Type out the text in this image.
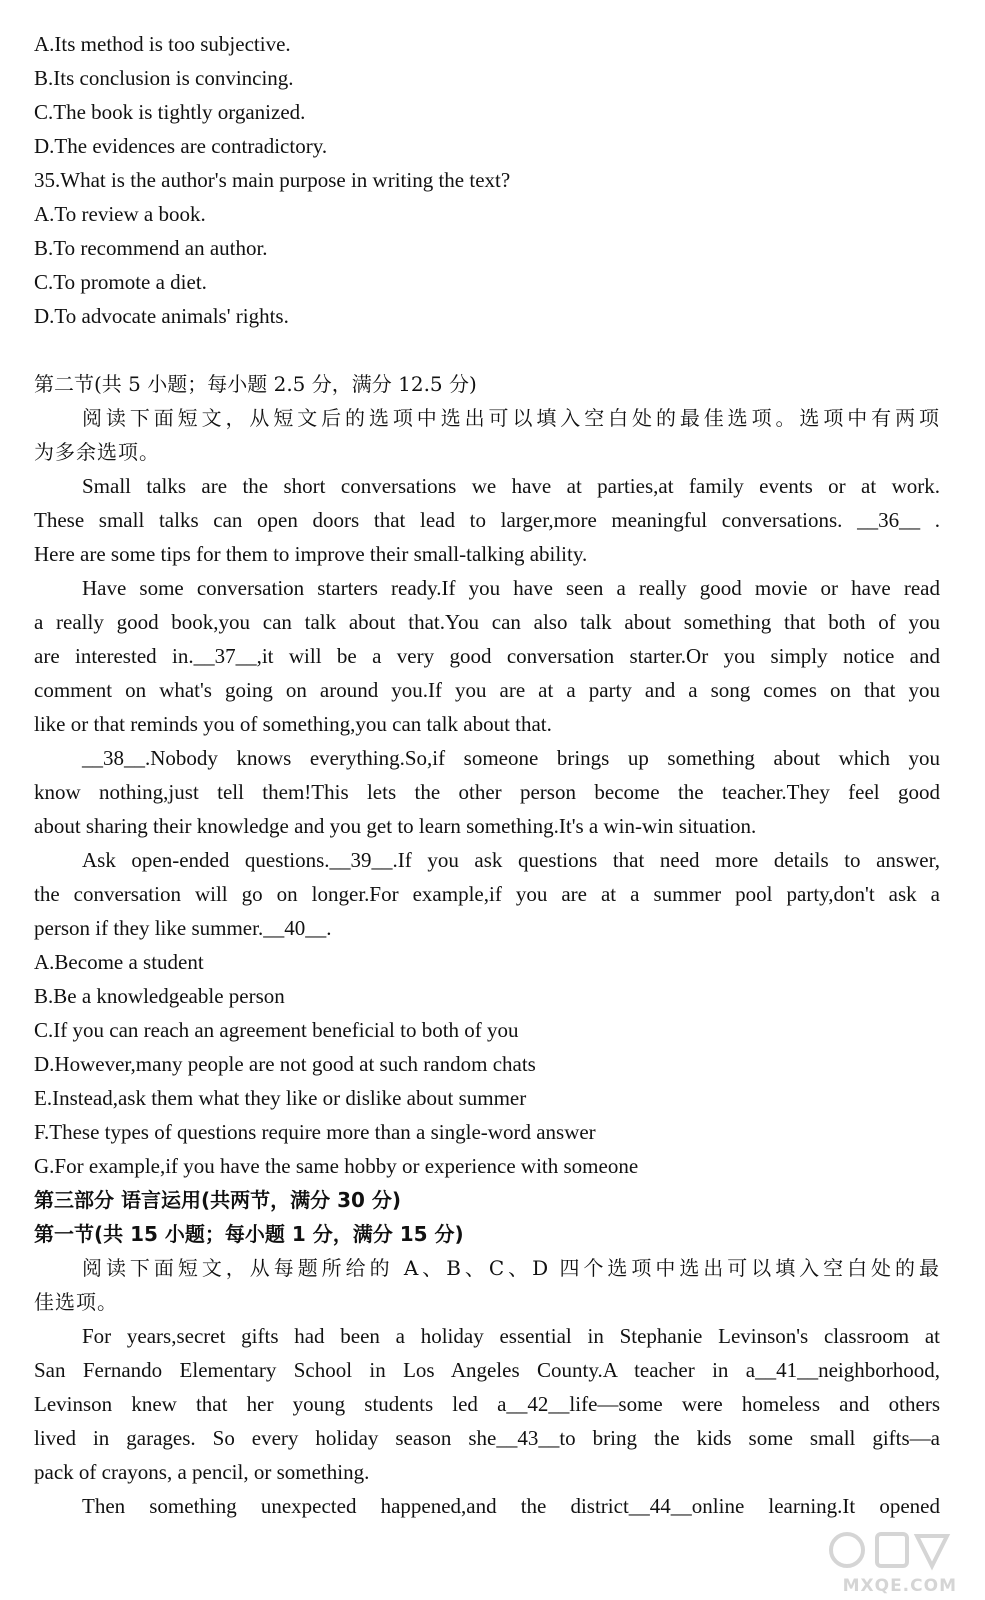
A.Its method is too subjective.
B.Its conclusion is convincing.
C.The book is tightly organized.
D.The evidences are contradictory.
35.What is the author's main purpose in writing the text?
A.To review a book.
B.To recommend an author.
C.To promote a diet.
D.To advocate animals' rights.
第二节(共 5 小题；每小题 2.5 分，满分 12.5 分)
阅读下面短文，从短文后的选项中选出可以填入空白处的最佳选项。选项中有两项
为多余选项。
Small talks are the short conversations we have at parties,at family events or at work.
These small talks can open doors that lead to larger,more meaningful conversations. __36__ .
Here are some tips for them to improve their small-talking ability.
Have some conversation starters ready.If you have seen a really good movie or have read
a really good book,you can talk about that.You can also talk about something that both of you
are interested in.__37__,it will be a very good conversation starter.Or you simply notice and
comment on what's going on around you.If you are at a party and a song comes on that you
like or that reminds you of something,you can talk about that.
__38__.Nobody knows everything.So,if someone brings up something about which you
know nothing,just tell them!This lets the other person become the teacher.They feel good
about sharing their knowledge and you get to learn something.It's a win-win situation.
Ask open-ended questions.__39__.If you ask questions that need more details to answer,
the conversation will go on longer.For example,if you are at a summer pool party,don't ask a
person if they like summer.__40__.
A.Become a student
B.Be a knowledgeable person
C.If you can reach an agreement beneficial to both of you
D.However,many people are not good at such random chats
E.Instead,ask them what they like or dislike about summer
F.These types of questions require more than a single-word answer
G.For example,if you have the same hobby or experience with someone
第三部分 语言运用(共两节，满分 30 分)
第一节(共 15 小题；每小题 1 分，满分 15 分)
阅读下面短文，从每题所给的 A、B、C、D 四个选项中选出可以填入空白处的最
佳选项。
For years,secret gifts had been a holiday essential in Stephanie Levinson's classroom at
San Fernando Elementary School in Los Angeles County.A teacher in a__41__neighborhood,
Levinson knew that her young students led a__42__life—some were homeless and others
lived in garages. So every holiday season she__43__to bring the kids some small gifts—a
pack of crayons, a pencil, or something.
Then something unexpected happened,and the district__44__online learning.It opened
MXQE.COM
